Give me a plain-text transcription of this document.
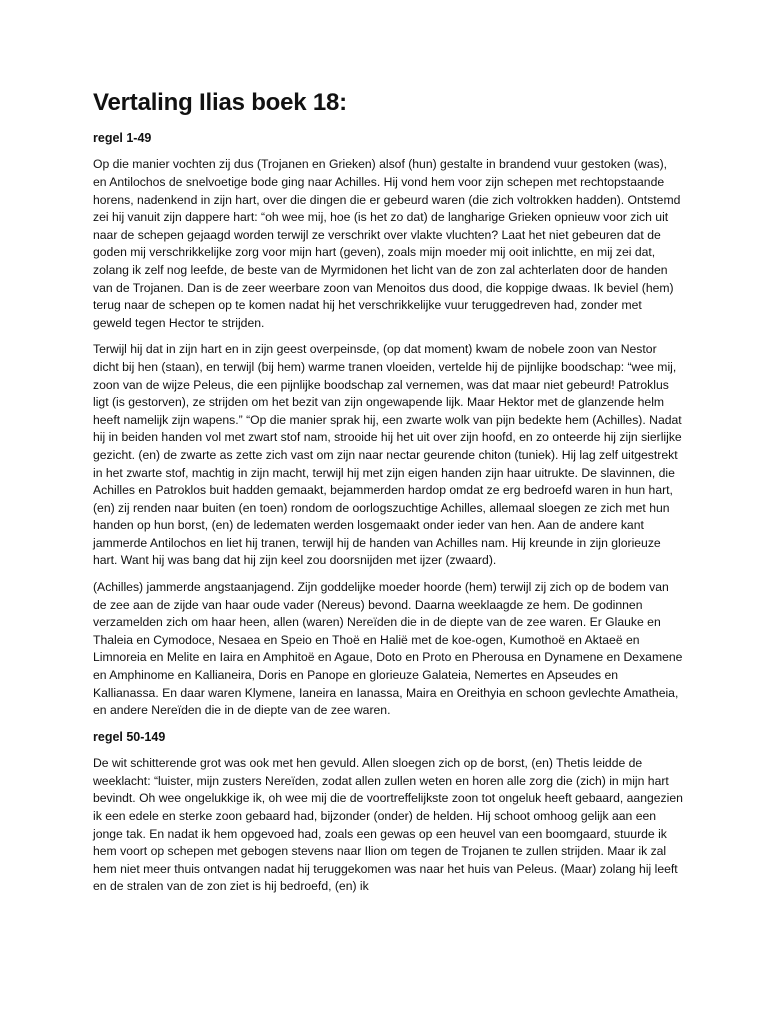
Vertaling Ilias boek 18:
regel 1-49

Op die manier vochten zij dus (Trojanen en Grieken) alsof (hun) gestalte in brandend vuur gestoken (was), en Antilochos de snelvoetige bode ging naar Achilles. Hij vond hem voor zijn schepen met rechtopstaande horens, nadenkend in zijn hart, over die dingen die er gebeurd waren (die zich voltrokken hadden). Ontstemd zei hij vanuit zijn dappere hart: “oh wee mij, hoe (is het zo dat) de langharige Grieken opnieuw voor zich uit naar de schepen gejaagd worden terwijl ze verschrikt over vlakte vluchten? Laat het niet gebeuren dat de goden mij verschrikkelijke zorg voor mijn hart (geven), zoals mijn moeder mij ooit inlichtte, en mij zei dat, zolang ik zelf nog leefde, de beste van de Myrmidonen het licht van de zon zal achterlaten door de handen van de Trojanen. Dan is de zeer weerbare zoon van Menoitos dus dood, die koppige dwaas. Ik beviel (hem) terug naar de schepen op te komen nadat hij het verschrikkelijke vuur teruggedreven had, zonder met geweld tegen Hector te strijden.

Terwijl hij dat in zijn hart en in zijn geest overpeinsde, (op dat moment) kwam de nobele zoon van Nestor dicht bij hen (staan), en terwijl (bij hem) warme tranen vloeiden, vertelde hij de pijnlijke boodschap: “wee mij, zoon van de wijze Peleus, die een pijnlijke boodschap zal vernemen, was dat maar niet gebeurd! Patroklus ligt (is gestorven), ze strijden om het bezit van zijn ongewapende lijk. Maar Hektor met de glanzende helm heeft namelijk zijn wapens.” “Op die manier sprak hij, een zwarte wolk van pijn bedekte hem (Achilles). Nadat hij in beiden handen vol met zwart stof nam, strooide hij het uit over zijn hoofd, en zo onteerde hij zijn sierlijke gezicht. (en) de zwarte as zette zich vast om zijn naar nectar geurende chiton (tuniek). Hij lag zelf uitgestrekt in het zwarte stof, machtig in zijn macht, terwijl hij met zijn eigen handen zijn haar uitrukte. De slavinnen, die Achilles en Patroklos buit hadden gemaakt, bejammerden hardop omdat ze erg bedroefd waren in hun hart, (en) zij renden naar buiten (en toen) rondom de oorlogszuchtige Achilles, allemaal sloegen ze zich met hun handen op hun borst, (en) de ledematen werden losgemaakt onder ieder van hen. Aan de andere kant jammerde Antilochos en liet hij tranen, terwijl hij de handen van Achilles nam. Hij kreunde in zijn glorieuze hart. Want hij was bang dat hij zijn keel zou doorsnijden met ijzer (zwaard).

(Achilles) jammerde angstaanjagend. Zijn goddelijke moeder hoorde (hem) terwijl zij zich op de bodem van de zee aan de zijde van haar oude vader (Nereus) bevond. Daarna weeklaagde ze hem. De godinnen verzamelden zich om haar heen, allen (waren) Nereïden die in de diepte van de zee waren. Er Glauke en Thaleia en Cymodoce, Nesaea en Speio en Thoë en Halië met de koe-ogen, Kumothoë en Aktaeë en Limnoreia en Melite en Iaira en Amphitoë en Agaue, Doto en Proto en Pherousa en Dynamene en Dexamene en Amphinome en Kallianeira, Doris en Panope en glorieuze Galateia, Nemertes en Apseudes en Kallianassa. En daar waren Klymene, Ianeira en Ianassa, Maira en Oreithyia en schoon gevlechte Amatheia, en andere Nereïden die in de diepte van de zee waren.

regel 50-149

De wit schitterende grot was ook met hen gevuld. Allen sloegen zich op de borst, (en) Thetis leidde de weeklacht: “luister, mijn zusters Nereïden, zodat allen zullen weten en horen alle zorg die (zich) in mijn hart bevindt. Oh wee ongelukkige ik, oh wee mij die de voortreffelijkste zoon tot ongeluk heeft gebaard, aangezien ik een edele en sterke zoon gebaard had, bijzonder (onder) de helden. Hij schoot omhoog gelijk aan een jonge tak. En nadat ik hem opgevoed had, zoals een gewas op een heuvel van een boomgaard, stuurde ik hem voort op schepen met gebogen stevens naar Ilion om tegen de Trojanen te zullen strijden. Maar ik zal hem niet meer thuis ontvangen nadat hij teruggekomen was naar het huis van Peleus. (Maar) zolang hij leeft en de stralen van de zon ziet is hij bedroefd, (en) ik
